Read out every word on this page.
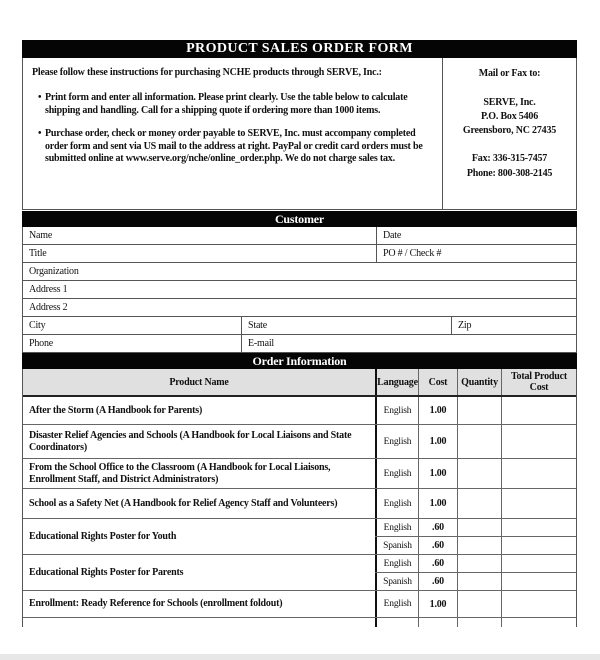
PRODUCT SALES ORDER FORM
Please follow these instructions for purchasing NCHE products through SERVE, Inc.:
• Print form and enter all information. Please print clearly. Use the table below to calculate shipping and handling. Call for a shipping quote if ordering more than 1000 items.
• Purchase order, check or money order payable to SERVE, Inc. must accompany completed order form and sent via US mail to the address at right. PayPal or credit card orders must be submitted online at www.serve.org/nche/online_order.php. We do not charge sales tax.
Mail or Fax to:
SERVE, Inc.
P.O. Box 5406
Greensboro, NC 27435
Fax: 336-315-7457
Phone: 800-308-2145
Customer
Name	Date
Title	PO # / Check #
Organization
Address 1
Address 2
City	State	Zip
Phone	E-mail
Order Information
Product Name	Language	Cost	Quantity	Total Product Cost
After the Storm (A Handbook for Parents)	English	1.00
Disaster Relief Agencies and Schools (A Handbook for Local Liaisons and State Coordinators)	English	1.00
From the School Office to the Classroom (A Handbook for Local Liaisons, Enrollment Staff, and District Administrators)	English	1.00
School as a Safety Net (A Handbook for Relief Agency Staff and Volunteers)	English	1.00
Educational Rights Poster for Youth
English	.60
Spanish	.60
Educational Rights Poster for Parents
English	.60
Spanish	.60
Enrollment: Ready Reference for Schools (enrollment foldout)	English	1.00
